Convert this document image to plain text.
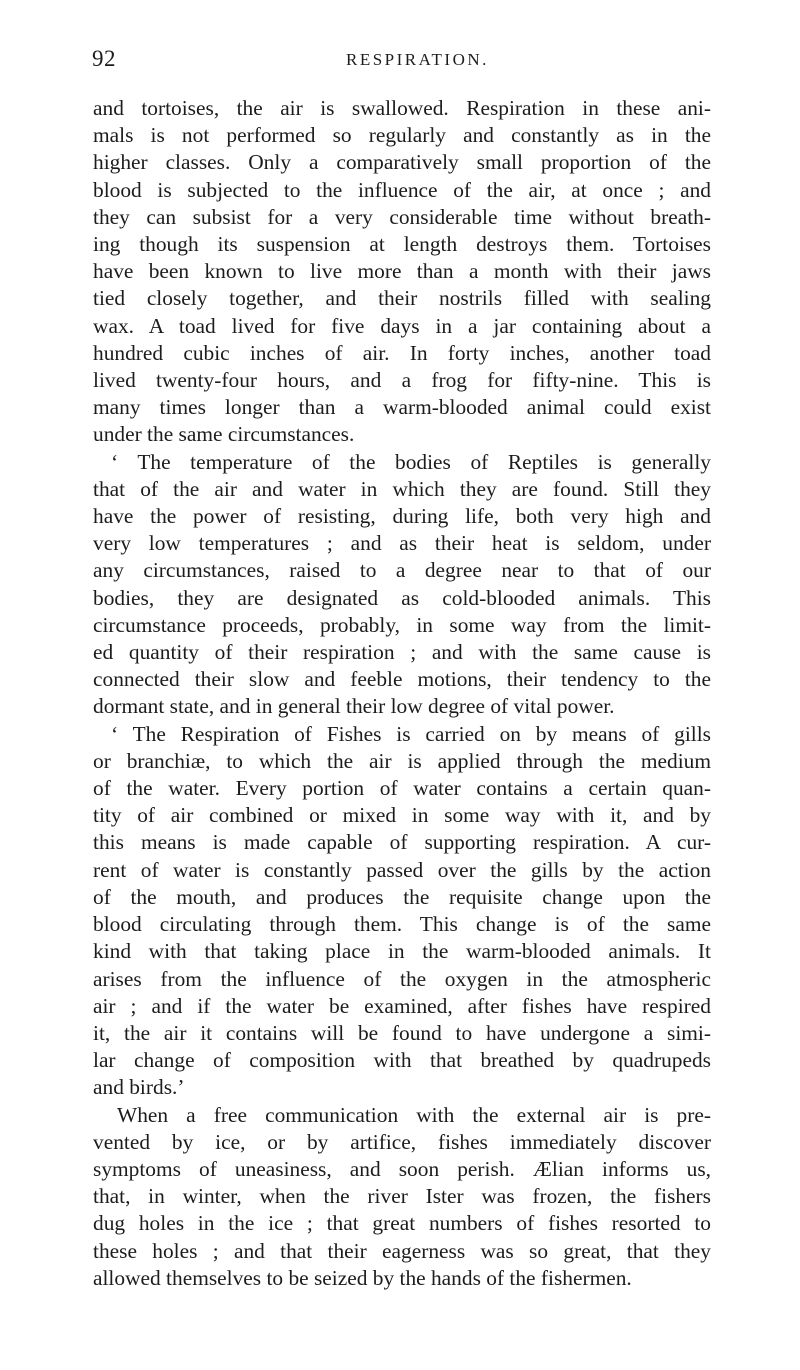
92	RESPIRATION.
and tortoises, the air is swallowed. Respiration in these ani-
mals is not performed so regularly and constantly as in the
higher classes. Only a comparatively small proportion of the
blood is subjected to the influence of the air, at once ; and
they can subsist for a very considerable time without breath-
ing though its suspension at length destroys them. Tortoises
have been known to live more than a month with their jaws
tied closely together, and their nostrils filled with sealing
wax. A toad lived for five days in a jar containing about a
hundred cubic inches of air. In forty inches, another toad
lived twenty-four hours, and a frog for fifty-nine. This is
many times longer than a warm-blooded animal could exist
under the same circumstances.
‘ The temperature of the bodies of Reptiles is generally
that of the air and water in which they are found. Still they
have the power of resisting, during life, both very high and
very low temperatures ; and as their heat is seldom, under
any circumstances, raised to a degree near to that of our
bodies, they are designated as cold-blooded animals. This
circumstance proceeds, probably, in some way from the limit-
ed quantity of their respiration ; and with the same cause is
connected their slow and feeble motions, their tendency to the
dormant state, and in general their low degree of vital power.
‘ The Respiration of Fishes is carried on by means of gills
or branchiæ, to which the air is applied through the medium
of the water. Every portion of water contains a certain quan-
tity of air combined or mixed in some way with it, and by
this means is made capable of supporting respiration. A cur-
rent of water is constantly passed over the gills by the action
of the mouth, and produces the requisite change upon the
blood circulating through them. This change is of the same
kind with that taking place in the warm-blooded animals. It
arises from the influence of the oxygen in the atmospheric
air ; and if the water be examined, after fishes have respired
it, the air it contains will be found to have undergone a simi-
lar change of composition with that breathed by quadrupeds
and birds.’
When a free communication with the external air is pre-
vented by ice, or by artifice, fishes immediately discover
symptoms of uneasiness, and soon perish. Ælian informs us,
that, in winter, when the river Ister was frozen, the fishers
dug holes in the ice ; that great numbers of fishes resorted to
these holes ; and that their eagerness was so great, that they
allowed themselves to be seized by the hands of the fishermen.
